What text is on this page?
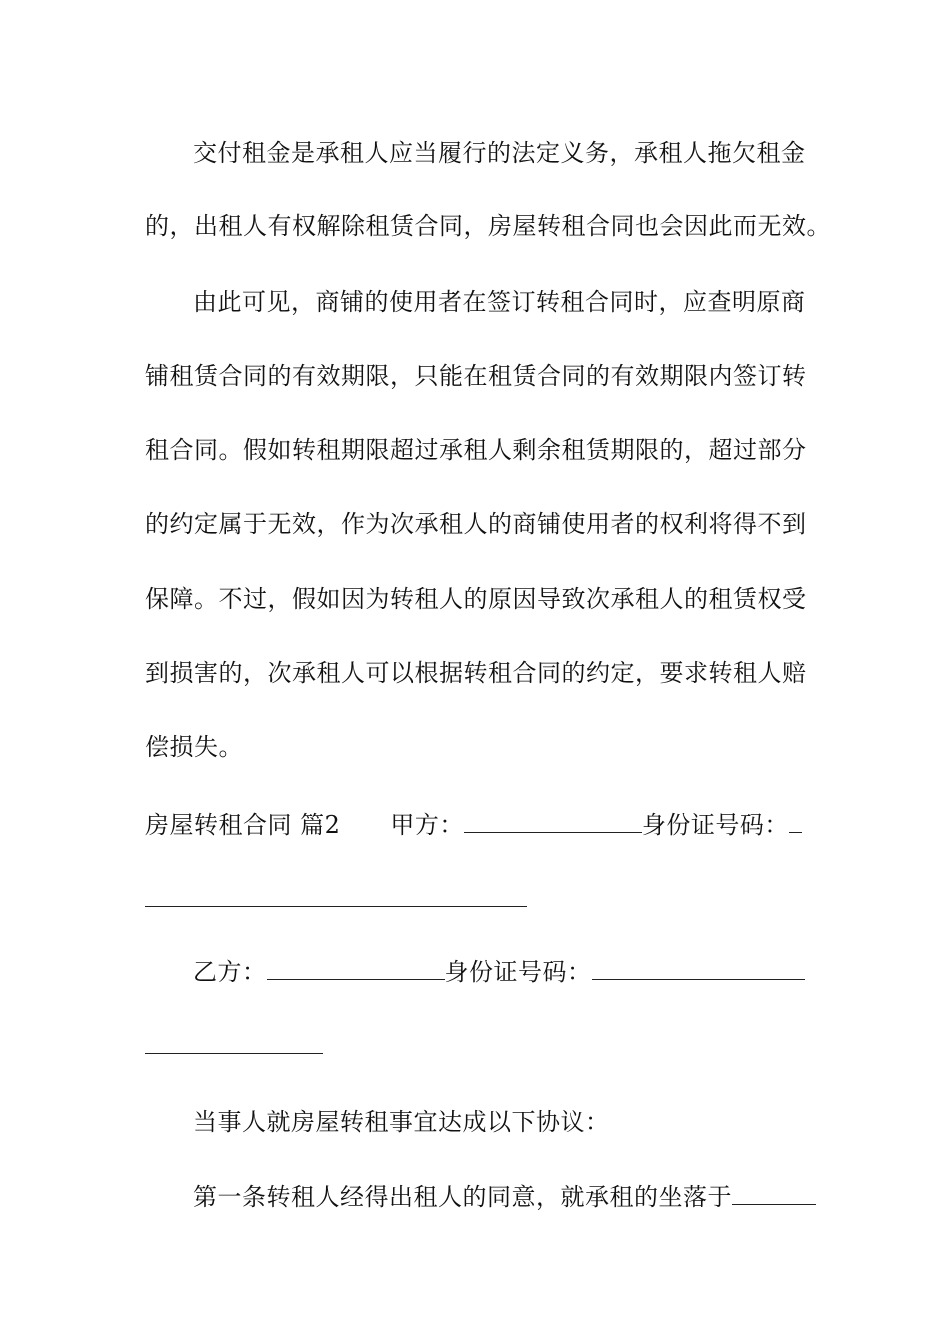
交付租金是承租人应当履行的法定义务，承租人拖欠租金
的，出租人有权解除租赁合同，房屋转租合同也会因此而无效。
由此可见，商铺的使用者在签订转租合同时，应查明原商
铺租赁合同的有效期限，只能在租赁合同的有效期限内签订转
租合同。假如转租期限超过承租人剩余租赁期限的，超过部分
的约定属于无效，作为次承租人的商铺使用者的权利将得不到
保障。不过，假如因为转租人的原因导致次承租人的租赁权受
到损害的，次承租人可以根据转租合同的约定，要求转租人赔
偿损失。
房屋转租合同 篇2 甲方：	身份证号码：
乙方：	身份证号码：
当事人就房屋转租事宜达成以下协议：
第一条转租人经得出租人的同意，就承租的坐落于
